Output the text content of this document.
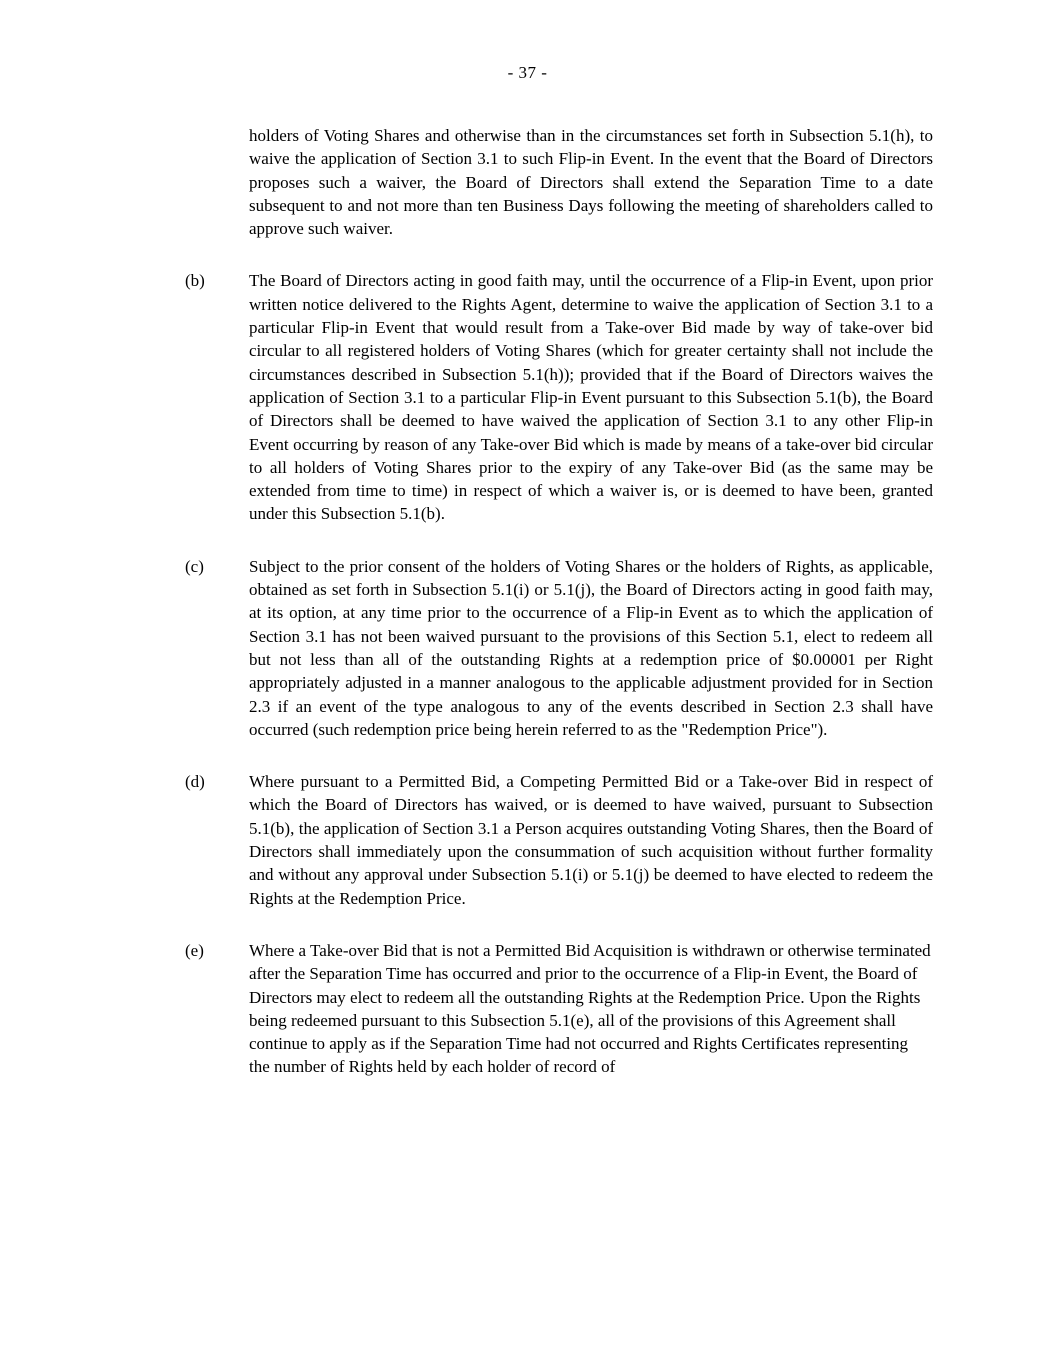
- 37 -
holders of Voting Shares and otherwise than in the circumstances set forth in Subsection 5.1(h), to waive the application of Section 3.1 to such Flip-in Event. In the event that the Board of Directors proposes such a waiver, the Board of Directors shall extend the Separation Time to a date subsequent to and not more than ten Business Days following the meeting of shareholders called to approve such waiver.
(b)	The Board of Directors acting in good faith may, until the occurrence of a Flip-in Event, upon prior written notice delivered to the Rights Agent, determine to waive the application of Section 3.1 to a particular Flip-in Event that would result from a Take-over Bid made by way of take-over bid circular to all registered holders of Voting Shares (which for greater certainty shall not include the circumstances described in Subsection 5.1(h)); provided that if the Board of Directors waives the application of Section 3.1 to a particular Flip-in Event pursuant to this Subsection 5.1(b), the Board of Directors shall be deemed to have waived the application of Section 3.1 to any other Flip-in Event occurring by reason of any Take-over Bid which is made by means of a take-over bid circular to all holders of Voting Shares prior to the expiry of any Take-over Bid (as the same may be extended from time to time) in respect of which a waiver is, or is deemed to have been, granted under this Subsection 5.1(b).
(c)	Subject to the prior consent of the holders of Voting Shares or the holders of Rights, as applicable, obtained as set forth in Subsection 5.1(i) or 5.1(j), the Board of Directors acting in good faith may, at its option, at any time prior to the occurrence of a Flip-in Event as to which the application of Section 3.1 has not been waived pursuant to the provisions of this Section 5.1, elect to redeem all but not less than all of the outstanding Rights at a redemption price of $0.00001 per Right appropriately adjusted in a manner analogous to the applicable adjustment provided for in Section 2.3 if an event of the type analogous to any of the events described in Section 2.3 shall have occurred (such redemption price being herein referred to as the "Redemption Price").
(d)	Where pursuant to a Permitted Bid, a Competing Permitted Bid or a Take-over Bid in respect of which the Board of Directors has waived, or is deemed to have waived, pursuant to Subsection 5.1(b), the application of Section 3.1 a Person acquires outstanding Voting Shares, then the Board of Directors shall immediately upon the consummation of such acquisition without further formality and without any approval under Subsection 5.1(i) or 5.1(j) be deemed to have elected to redeem the Rights at the Redemption Price.
(e)	Where a Take-over Bid that is not a Permitted Bid Acquisition is withdrawn or otherwise terminated after the Separation Time has occurred and prior to the occurrence of a Flip-in Event, the Board of Directors may elect to redeem all the outstanding Rights at the Redemption Price. Upon the Rights being redeemed pursuant to this Subsection 5.1(e), all of the provisions of this Agreement shall continue to apply as if the Separation Time had not occurred and Rights Certificates representing the number of Rights held by each holder of record of
